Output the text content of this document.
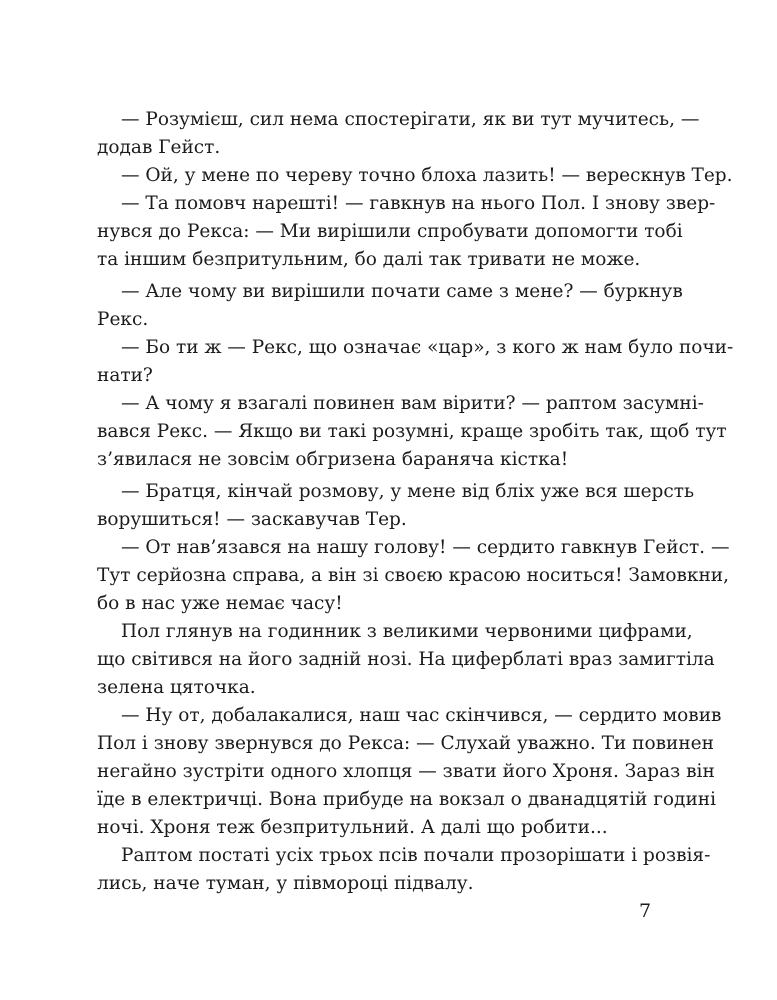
— Розумієш, сил нема спостерігати, як ви тут мучитесь, —
додав Гейст.
— Ой, у мене по череву точно блоха лазить! — верескнув Тер.
— Та помовч нарешті! — гавкнув на нього Пол. І знову звер-
нувся до Рекса: — Ми вирішили спробувати допомогти тобі
та іншим безпритульним, бо далі так тривати не може.
— Але чому ви вирішили почати саме з мене? — буркнув
Рекс.
— Бо ти ж — Рекс, що означає «цар», з кого ж нам було почи-
нати?
— А чому я взагалі повинен вам вірити? — раптом засумні-
вався Рекс. — Якщо ви такі розумні, краще зробіть так, щоб тут
з’явилася не зовсім обгризена бараняча кістка!
— Братця, кінчай розмову, у мене від бліх уже вся шерсть
ворушиться! — заскавучав Тер.
— От нав’язався на нашу голову! — сердито гавкнув Гейст. —
Тут серйозна справа, а він зі своєю красою носиться! Замовкни,
бо в нас уже немає часу!
Пол глянув на годинник з великими червоними цифрами,
що світився на його задній нозі. На циферблаті враз замигтіла
зелена цяточка.
— Ну от, добалакалися, наш час скінчився, — сердито мовив
Пол і знову звернувся до Рекса: — Слухай уважно. Ти повинен
негайно зустріти одного хлопця — звати його Хроня. Зараз він
їде в електричці. Вона прибуде на вокзал о дванадцятій годині
ночі. Хроня теж безпритульний. А далі що робити...
Раптом постаті усіх трьох псів почали прозорішати і розвія-
лись, наче туман, у півмороці підвалу.
7
